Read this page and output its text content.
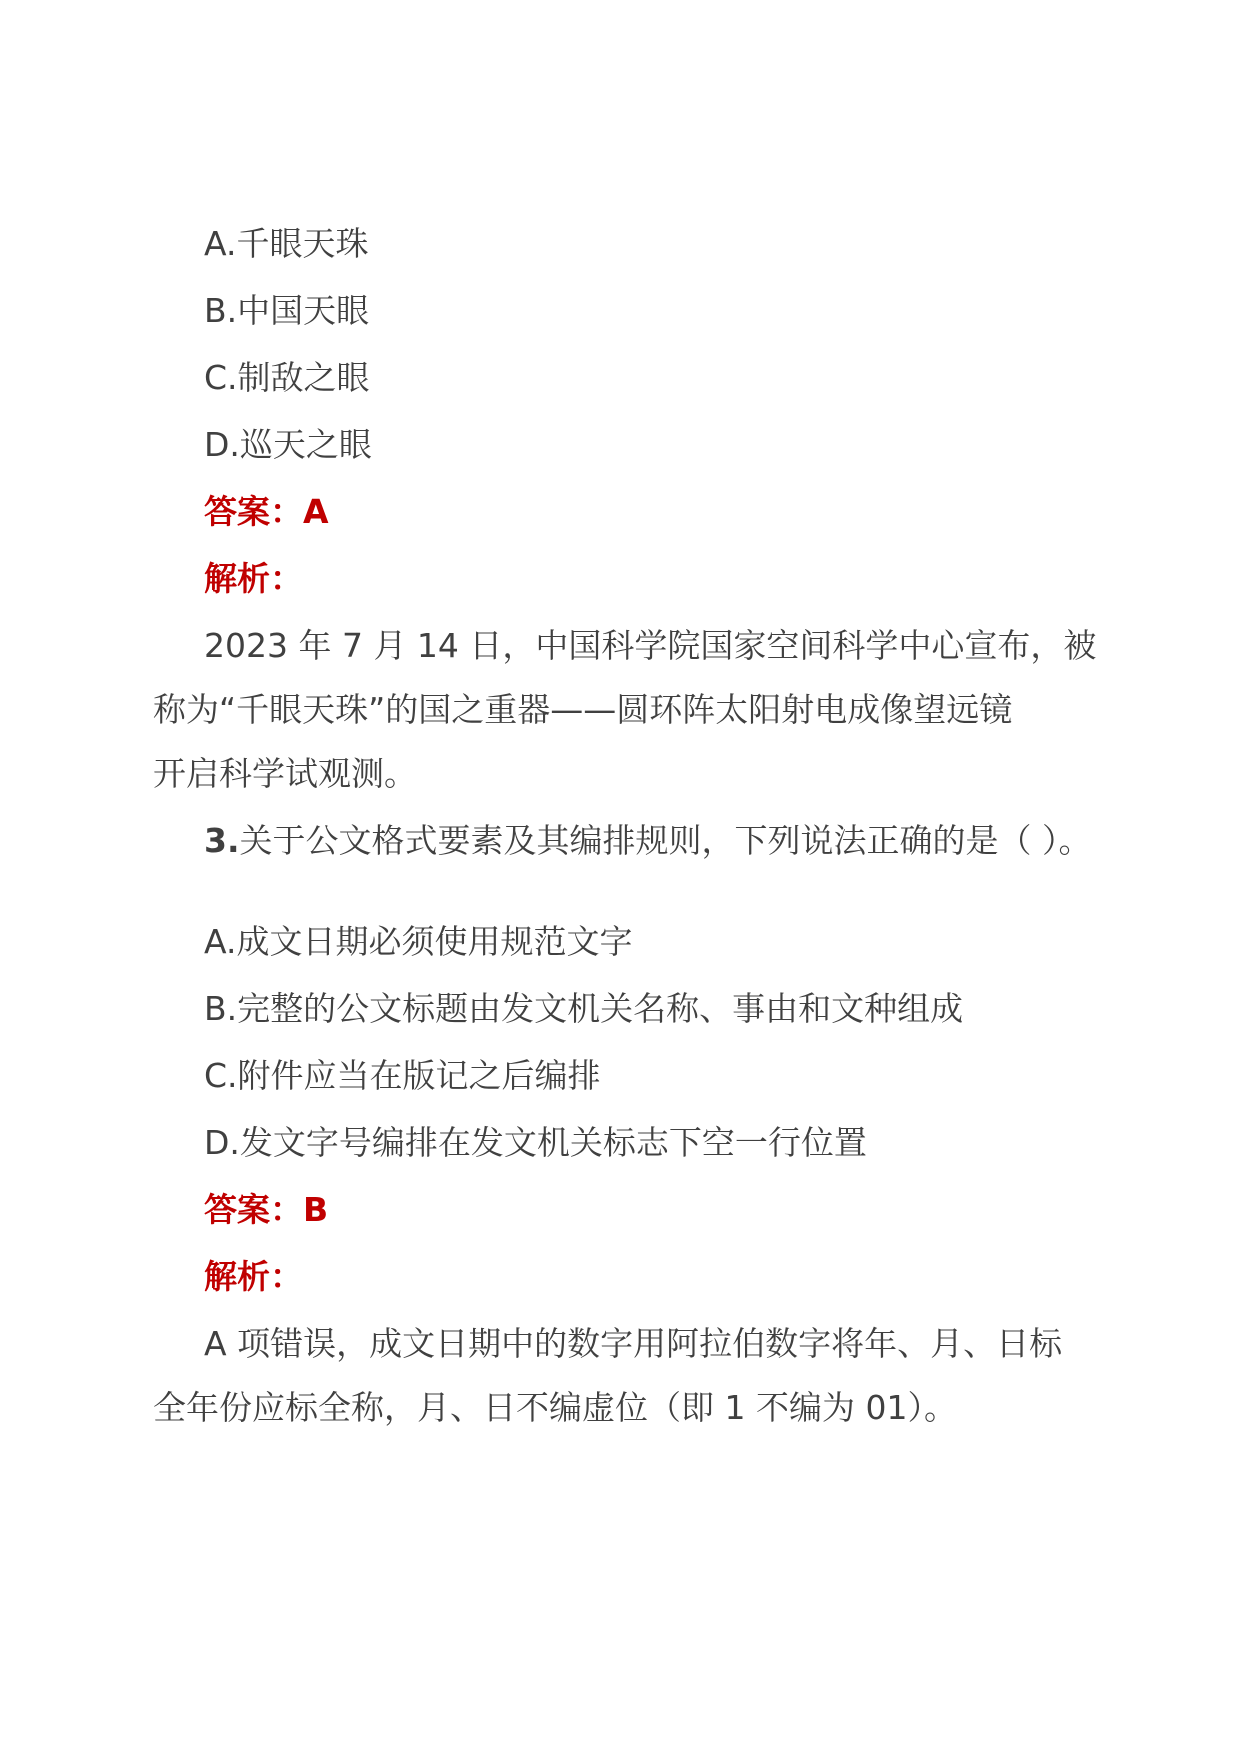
A.千眼天珠
B.中国天眼
C.制敌之眼
D.巡天之眼
答案：A
解析：
2023 年 7 月 14 日，中国科学院国家空间科学中心宣布，被
称为“千眼天珠”的国之重器——圆环阵太阳射电成像望远镜
开启科学试观测。
3.关于公文格式要素及其编排规则，下列说法正确的是（ ）。
A.成文日期必须使用规范文字
B.完整的公文标题由发文机关名称、事由和文种组成
C.附件应当在版记之后编排
D.发文字号编排在发文机关标志下空一行位置
答案：B
解析：
A 项错误，成文日期中的数字用阿拉伯数字将年、月、日标
全年份应标全称，月、日不编虚位（即 1 不编为 01）。
